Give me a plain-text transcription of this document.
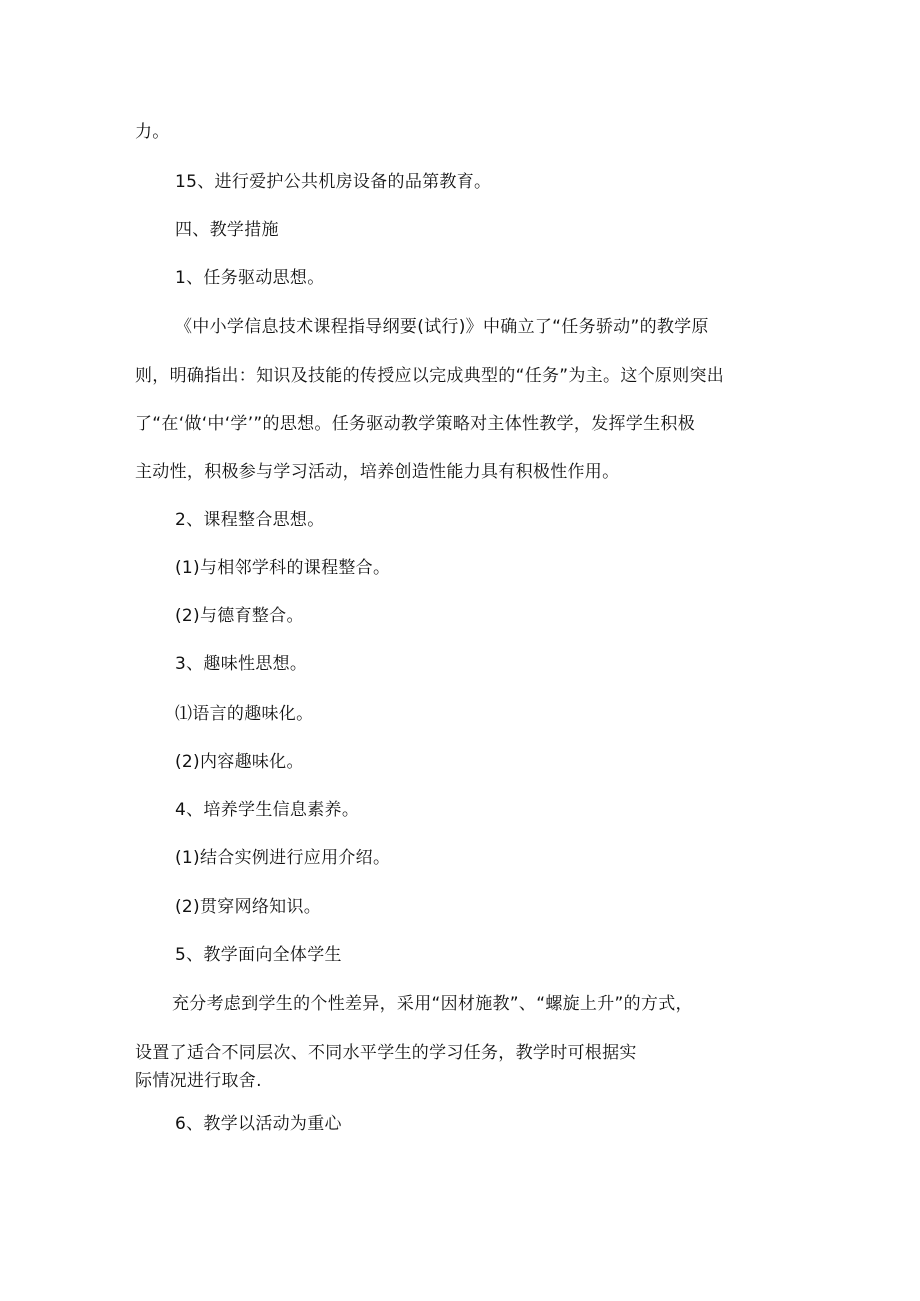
力。
15、进行爱护公共机房设备的品第教育。
四、教学措施
1、任务驱动思想。
《中小学信息技术课程指导纲要(试行)》中确立了“任务骄动”的教学原
则，明确指出：知识及技能的传授应以完成典型的“任务”为主。这个原则突出
了“在‘做‘中‘学’”的思想。任务驱动教学策略对主体性教学，发挥学生积极
主动性，积极参与学习活动，培养创造性能力具有积极性作用。
2、课程整合思想。
(1)与相邻学科的课程整合。
(2)与德育整合。
3、趣味性思想。
⑴语言的趣味化。
(2)内容趣味化。
4、培养学生信息素养。
(1)结合实例进行应用介绍。
(2)贯穿网络知识。
5、教学面向全体学生
充分考虑到学生的个性差异，采用“因材施教”、“螺旋上升”的方式，
设置了适合不同层次、不同水平学生的学习任务，教学时可根据实
际情况进行取舍.
6、教学以活动为重心
